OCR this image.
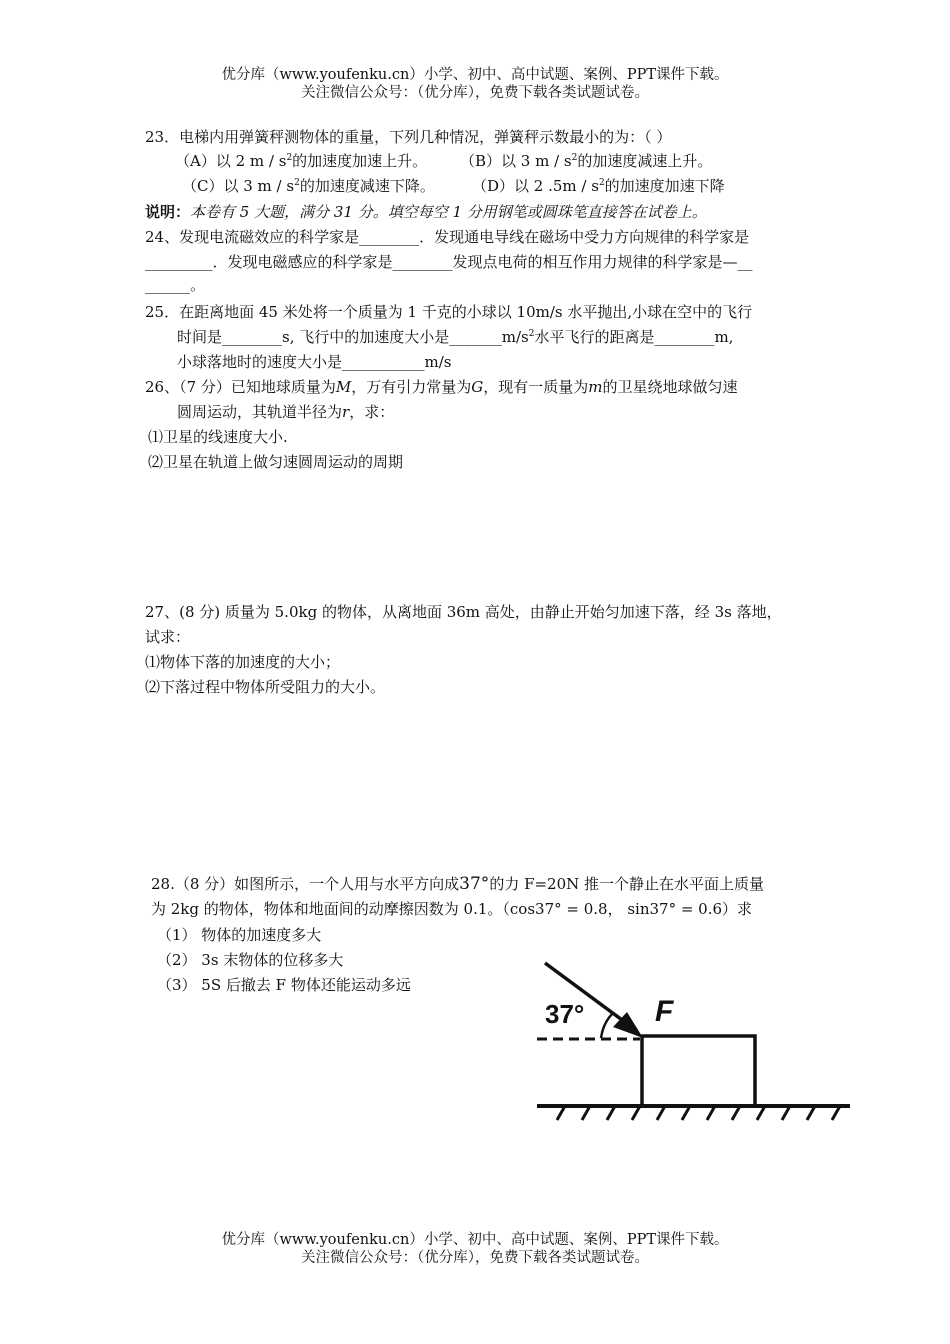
优分库（www.youfenku.cn）小学、初中、高中试题、案例、PPT课件下载。
关注微信公众号：（优分库），免费下载各类试题试卷。
23．电梯内用弹簧秤测物体的重量，下列几种情况，弹簧秤示数最小的为：（ ）
（A）以 2 m / $s^2$的加速度加速上升。 （B）以 3 m / $s^2$的加速度减速上升。
（C）以 3 m / $s^2$的加速度减速下降。 （D）以 2 $.5m / s^2$的加速度加速下降
说明：本卷有 5 大题，满分 31 分。填空每空 1 分用钢笔或圆珠笔直接答在试卷上。
24、发现电流磁效应的科学家是________．发现通电导线在磁场中受力方向规律的科学家是
_________．发现电磁感应的科学家是________发现点电荷的相互作用力规律的科学家是—__
______。
25．在距离地面 45 米处将一个质量为 1 千克的小球以 10m/s 水平抛出,小球在空中的飞行
时间是________s, 飞行中的加速度大小是$\_\_\_\_\_\_\_m/s^2$水平飞行的距离是________m,
小球落地时的速度大小是___________m/s
26、（7 分）已知地球质量为M，万有引力常量为G，现有一质量为m的卫星绕地球做匀速
圆周运动，其轨道半径为r，求：
⑴卫星的线速度大小.
⑵卫星在轨道上做匀速圆周运动的周期
27、(8 分) 质量为 5.0kg 的物体，从离地面 36m 高处，由静止开始匀加速下落，经 3s 落地，
试求：
⑴物体下落的加速度的大小；
⑵下落过程中物体所受阻力的大小。
28.（8 分）如图所示，一个人用与水平方向成37°的力 F=20N 推一个静止在水平面上质量
为 2kg 的物体，物体和地面间的动摩擦因数为 0.1。（cos37° = 0.8， sin37° = 0.6）求
（1） 物体的加速度多大
（2） 3s 末物体的位移多大
（3） 5S 后撤去 F 物体还能运动多远
37° F
优分库（www.youfenku.cn）小学、初中、高中试题、案例、PPT课件下载。
关注微信公众号：（优分库），免费下载各类试题试卷。
